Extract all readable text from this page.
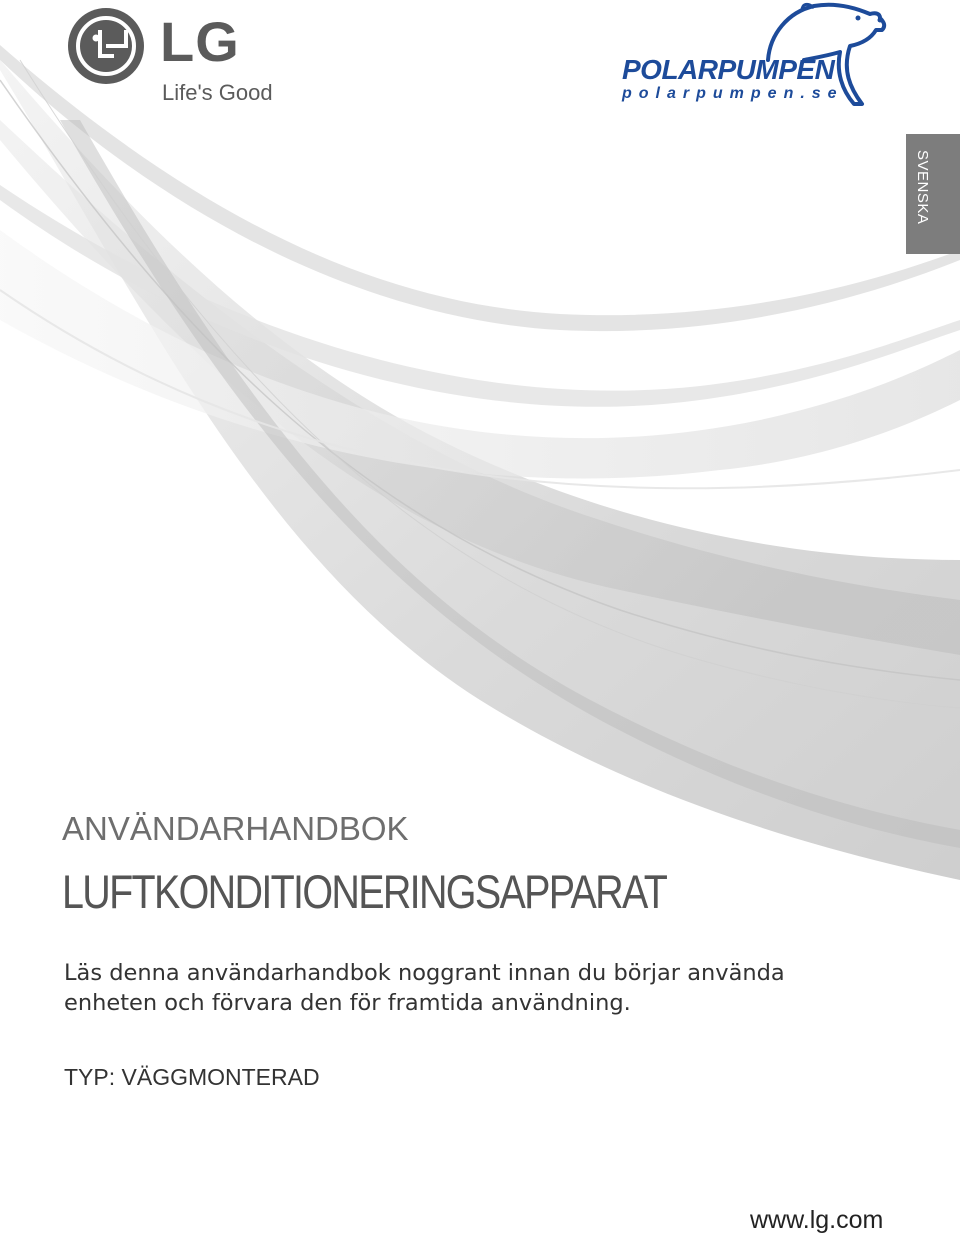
LG
Life's Good
POLARPUMPEN
polarpumpen.se
SVENSKA
ANVÄNDARHANDBOK
LUFTKONDITIONERINGSAPPARAT

Läs denna användarhandbok noggrant innan du börjar använda
enheten och förvara den för framtida användning.

TYP: VÄGGMONTERAD
www.lg.com
